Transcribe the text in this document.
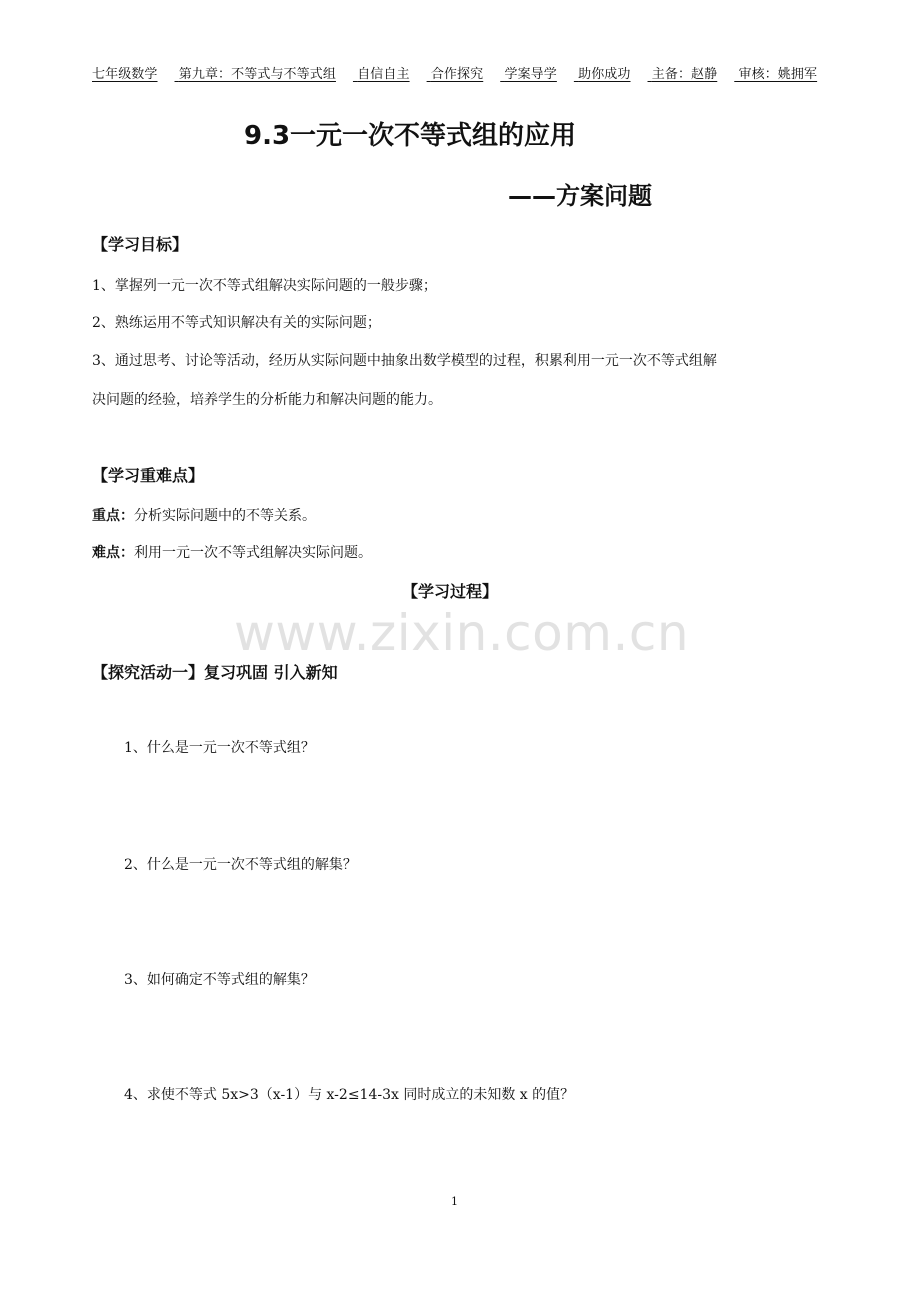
七年级数学 第九章：不等式与不等式组 自信自主 合作探究 学案导学 助你成功 主备：赵静 审核：姚拥军
9.3一元一次不等式组的应用
——方案问题
【学习目标】
1、掌握列一元一次不等式组解决实际问题的一般步骤；
2、熟练运用不等式知识解决有关的实际问题；
3、通过思考、讨论等活动，经历从实际问题中抽象出数学模型的过程，积累利用一元一次不等式组解
决问题的经验，培养学生的分析能力和解决问题的能力。
【学习重难点】
重点：分析实际问题中的不等关系。
难点：利用一元一次不等式组解决实际问题。
【学习过程】
www.zixin.com.cn
【探究活动一】复习巩固 引入新知
1、什么是一元一次不等式组？
2、什么是一元一次不等式组的解集？
3、如何确定不等式组的解集？
4、求使不等式 5x>3（x-1）与 x-2≤14-3x 同时成立的未知数 x 的值？
1
